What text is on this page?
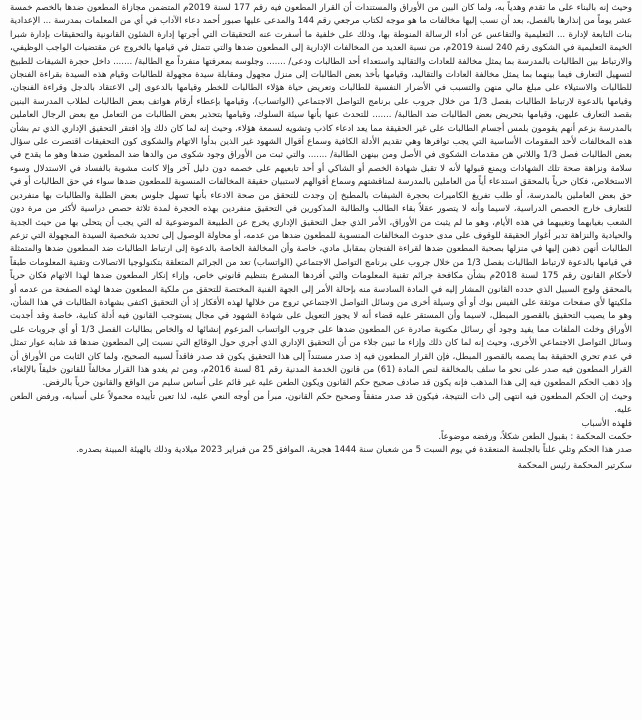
وحيث إنه بالبناء على ما تقدم وهدياً به، ولما كان البين من الأوراق والمستندات أن القرار المطعون فيه رقم 177 لسنة 2019م المتضمن مجازاة المطعون ضدها بالخصم خمسة عشر يوماً من إنذارها بالفصل، بعد أن نسب إليها مخالفات ما هو موجه لكتاب مرجعي رقم 144 والمدعى عليها صبور أحمد دعاء الآداب في أي من المعلمات بمدرسة ... الإعدادية بنات التابعة لإدارة ... التعليمية والتقاعس عن أداء الرسالة المنوطة بها، وذلك على خلفية ما أسفرت عنه التحقيقات التي أجرتها إدارة الشئون القانونية والتحقيقات بإدارة شبرا الخيمة التعليمية في الشكوى رقم 240 لسنة 2019م، من نسبة العديد من المخالفات الإدارية إلى المطعون ضدها والتي تتمثل في قيامها بالخروج عن مقتضيات الواجب الوظيفي، والارتباط بين الطالبات بالمدرسة بما يمثل مخالفة للعادات والتقاليد واستعداء أحد الطالبات ودعى/ ....... وجلوسه بمعرفتها منفرداً مع الطالبة/ ....... داخل حجرة الشيفات للطبيخ لتسهيل التعارف فيما بينهما بما يمثل مخالفة العادات والتقاليد، وقيامها بأخذ بعض الطالبات إلى منزل مجهول ومقابلة سيدة مجهولة للطالبات وقيام هذه السيدة بقراءة الفنجان للطالبات والاستيلاء على مبلغ مالي منهن والتسبب في الأضرار النفسية للطالبات وتعريض حياة هؤلاء الطالبات للخطر وقيامها بالدعوى إلى الاعتقاد بالدجل وقراءة الفنجان، وقيامها بالدعوة لارتباط الطالبات بفصل 1/3 من خلال جروب على برنامج التواصل الاجتماعي (الواتساب)، وقيامها بإعطاء أرقام هواتف بعض الطالبات لطلاب المدرسة البنين بقصد التعارف عليهن، وقيامها بتحريض بعض الطالبات ضد الطالبة/ ....... للتحدث عنها بأنها سيئة السلوك، وقيامها بتحذير بعض الطالبات من التعامل مع بعض الرجال العاملين بالمدرسة بزعم أنهم يقومون بلمس أجسام الطالبات على غير الحقيقة مما يعد ادعاء كاذب وتشويه لسمعة هؤلاء، وحيث إنه لما كان ذلك وإذ افتقر التحقيق الإداري الذي تم بشأن هذه المخالفات لأحد المقومات الأساسية التي يجب توافرها وهي تقديم الأدلة الكافية وسماع أقوال الشهود غير الذين بدأوا الاتهام والشكوى كون التحقيقات اقتصرت على سؤال بعض الطالبات فصل 1/3 واللاتي هن مقدمات الشكوى في الأصل ومن بينهن الطالبة/ ....... والتي ثبت من الأوراق وجود شكوى من والدها ضد المطعون ضدها وهو ما يقدح في سلامة ونزاهة صحة تلك الشهادات ويمنع قبولها لأنه لا تقبل شهادة الخصم أو الشاكي أو أحد تابعيهم على خصمه دون دليل آخر وإلا كانت مشوبة بالفساد في الاستدلال وسوء الاستخلاص، فكان حرياً بالمحقق استدعاء أياً من العاملين بالمدرسة لمناقشتهم وسماع أقوالهم لاستبيان حقيقة المخالفات المنسوبة للمطعون ضدها سواء في حق الطالبات أو في حق بعض العاملين بالمدرسة، أو طلب تفريغ الكاميرات بحجرة الشيفات بالمطبخ إن وجدت للتحقق من صحة الادعاء بأنها تسهل جلوس بعض الطلبة والطالبات بها منفردين للتعارف خارج الحصص الدراسية، لاسيما وأنه لا يتصور عقلاً بقاء الطالب والطالبة المذكورين في التحقيق منفردين بهذه الحجرة لمدة ثلاثة حصص دراسية لأكثر من مرة دون الشعب بغيابهما وتغيبهما في هذه الأيام، وهو ما لم يثبت من الأوراق، الأمر الذي جعل التحقيق الإداري يخرج عن الطبيعة الموضوعية له التي يجب أن يتحلى بها من حيث الجدية والحيادية والنزاهة تدبر أغوار الحقيقة للوقوف على مدى حدوث المخالفات المنسوبة للمطعون ضدها من عدمه، أو محاولة الوصول إلى تحديد شخصية السيدة المجهولة التي تزعم الطالبات أنهن ذهبن إليها في منزلها بصحبة المطعون ضدها لقراءة الفنجان بمقابل مادي، خاصة وأن المخالفة الخاصة بالدعوة إلى ارتباط الطالبات ضد المطعون ضدها والمتمثلة في قيامها بالدعوة لارتباط الطالبات بفصل 1/3 من خلال جروب على برنامج التواصل الاجتماعي (الواتساب) تعد من الجرائم المتعلقة بتكنولوجيا الاتصالات وتقنية المعلومات طبقاً لأحكام القانون رقم 175 لسنة 2018م بشأن مكافحة جرائم تقنية المعلومات والتي أفردها المشرع بتنظيم قانوني خاص، وإزاء إنكار المطعون ضدها لهذا الاتهام فكان حرياً بالمحقق ولوج السبيل الذي حدده القانون المشار إليه في المادة السادسة منه بإحالة الأمر إلى الجهة الفنية المختصة للتحقق من ملكية المطعون ضدها لهذه الصفحة من عدمه أو ملكيتها لأي صفحات موثقة على الفيس بوك أو أي وسيلة أخرى من وسائل التواصل الاجتماعي تروج من خلالها لهذه الأفكار إذ أن التحقيق اكتفى بشهادة الطالبات في هذا الشأن، وهو ما يصيب التحقيق بالقصور المبطل، لاسيما وأن المستقر عليه قضاء أنه لا يجوز التعويل على شهادة الشهود في مجال يستوجب القانون فيه أدلة كتابية، خاصة وقد أجدبت الأوراق وخلت الملفات مما يفيد وجود أي رسائل مكتوبة صادرة عن المطعون ضدها على جروب الواتساب المزعوم إنشائها له والخاص بطالبات الفصل 1/3 أو أي جروبات على وسائل التواصل الاجتماعي الأخرى، وحيث إنه لما كان ذلك وإزاء ما تبين جلاء من أن التحقيق الإداري الذي أجري حول الوقائع التي نسبت إلى المطعون ضدها قد شابه عوار تمثل في عدم تحري الحقيقة بما يصمه بالقصور المبطل، فإن القرار المطعون فيه إذ صدر مستنداً إلى هذا التحقيق يكون قد صدر فاقداً لسببه الصحيح، ولما كان الثابت من الأوراق أن القرار المطعون فيه صدر على نحو ما سلف بالمخالفة لنص المادة (61) من قانون الخدمة المدنية رقم 81 لسنة 2016م، ومن ثم يغدو هذا القرار مخالفاً للقانون خليقاً بالإلغاء، وإذ ذهب الحكم المطعون فيه إلى هذا المذهب فإنه يكون قد صادف صحيح حكم القانون ويكون الطعن عليه غير قائم على أساس سليم من الواقع والقانون حرياً بالرفض.

وحيث إن الحكم المطعون فيه انتهى إلى ذات النتيجة، فيكون قد صدر متفقاً وصحيح حكم القانون، مبرأ من أوجه النعي عليه، لذا تعين تأييده محمولاً على أسبابه، ورفض الطعن عليه.

فلهذه الأسباب

حكمت المحكمة : بقبول الطعن شكلاً، ورفضه موضوعاً.

صدر هذا الحكم وتلي علناً بالجلسة المنعقدة في يوم السبت 5 من شعبان سنة 1444 هجرية، الموافق 25 من فبراير 2023 ميلادية وذلك بالهيئة المبينة بصدره.

سكرتير المحكمة رئيس المحكمة
